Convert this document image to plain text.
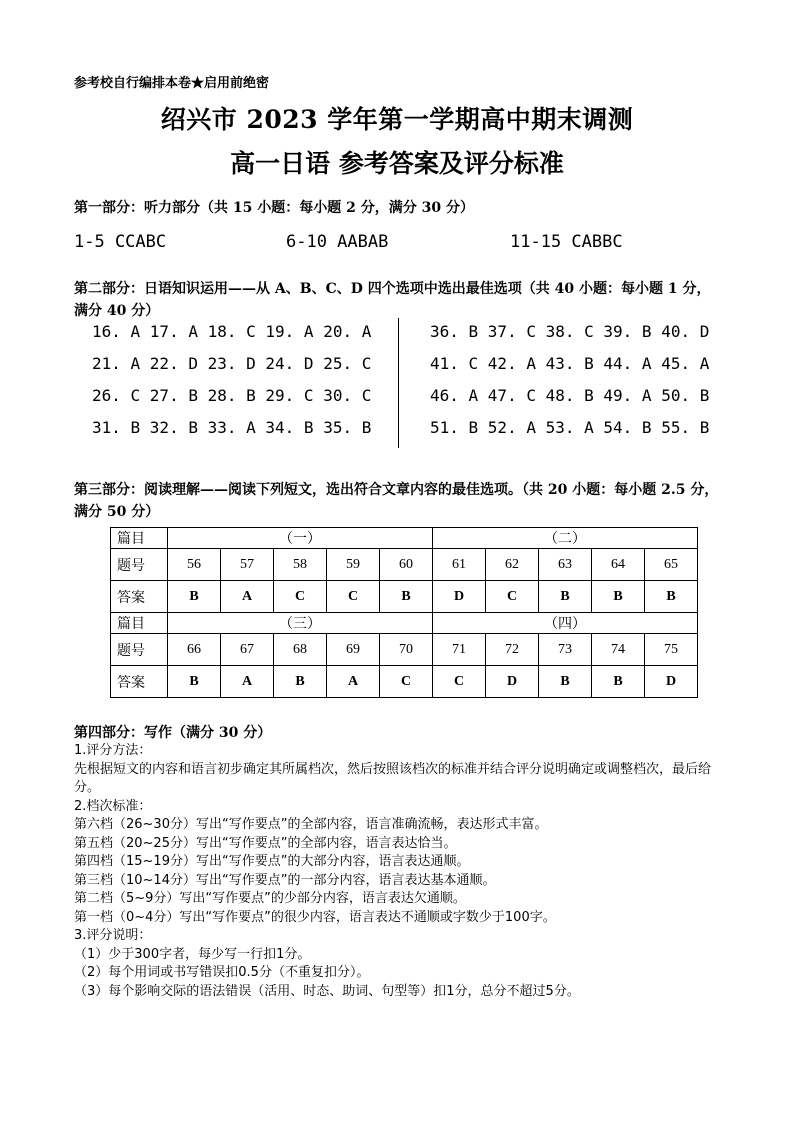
参考校自行编排本卷★启用前绝密
绍兴市 2023 学年第一学期高中期末调测
高一日语 参考答案及评分标准
第一部分：听力部分（共 15 小题：每小题 2 分，满分 30 分）
1-5 CCABC	6-10 AABAB	11-15 CABBC
第二部分：日语知识运用——从 A、B、C、D 四个选项中选出最佳选项（共 40 小题：每小题 1 分，满分 40 分）
16. A 17. A 18. C 19. A 20. A
21. A 22. D 23. D 24. D 25. C
26. C 27. B 28. B 29. C 30. C
31. B 32. B 33. A 34. B 35. B
36. B 37. C 38. C 39. B 40. D
41. C 42. A 43. B 44. A 45. A
46. A 47. C 48. B 49. A 50. B
51. B 52. A 53. A 54. B 55. B
第三部分：阅读理解——阅读下列短文，选出符合文章内容的最佳选项。（共 20 小题：每小题 2.5 分，满分 50 分）
篇目	（一）					（二）				
题号	56	57	58	59	60	61	62	63	64	65
答案	B	A	C	C	B	D	C	B	B	B
篇目	（三）					（四）				
题号	66	67	68	69	70	71	72	73	74	75
答案	B	A	B	A	C	C	D	B	B	D
第四部分：写作（满分 30 分）
1.评分方法：
先根据短文的内容和语言初步确定其所属档次，然后按照该档次的标准并结合评分说明确定或调整档次，最后给分。
2.档次标准：
第六档（26~30分）写出“写作要点”的全部内容，语言准确流畅，表达形式丰富。
第五档（20~25分）写出“写作要点”的全部内容，语言表达恰当。
第四档（15~19分）写出“写作要点”的大部分内容，语言表达通顺。
第三档（10~14分）写出“写作要点”的一部分内容，语言表达基本通顺。
第二档（5~9分）写出“写作要点”的少部分内容，语言表达欠通顺。
第一档（0~4分）写出“写作要点”的很少内容，语言表达不通顺或字数少于100字。
3.评分说明：
（1）少于300字者，每少写一行扣1分。
（2）每个用词或书写错误扣0.5分（不重复扣分）。
（3）每个影响交际的语法错误（活用、时态、助词、句型等）扣1分，总分不超过5分。
